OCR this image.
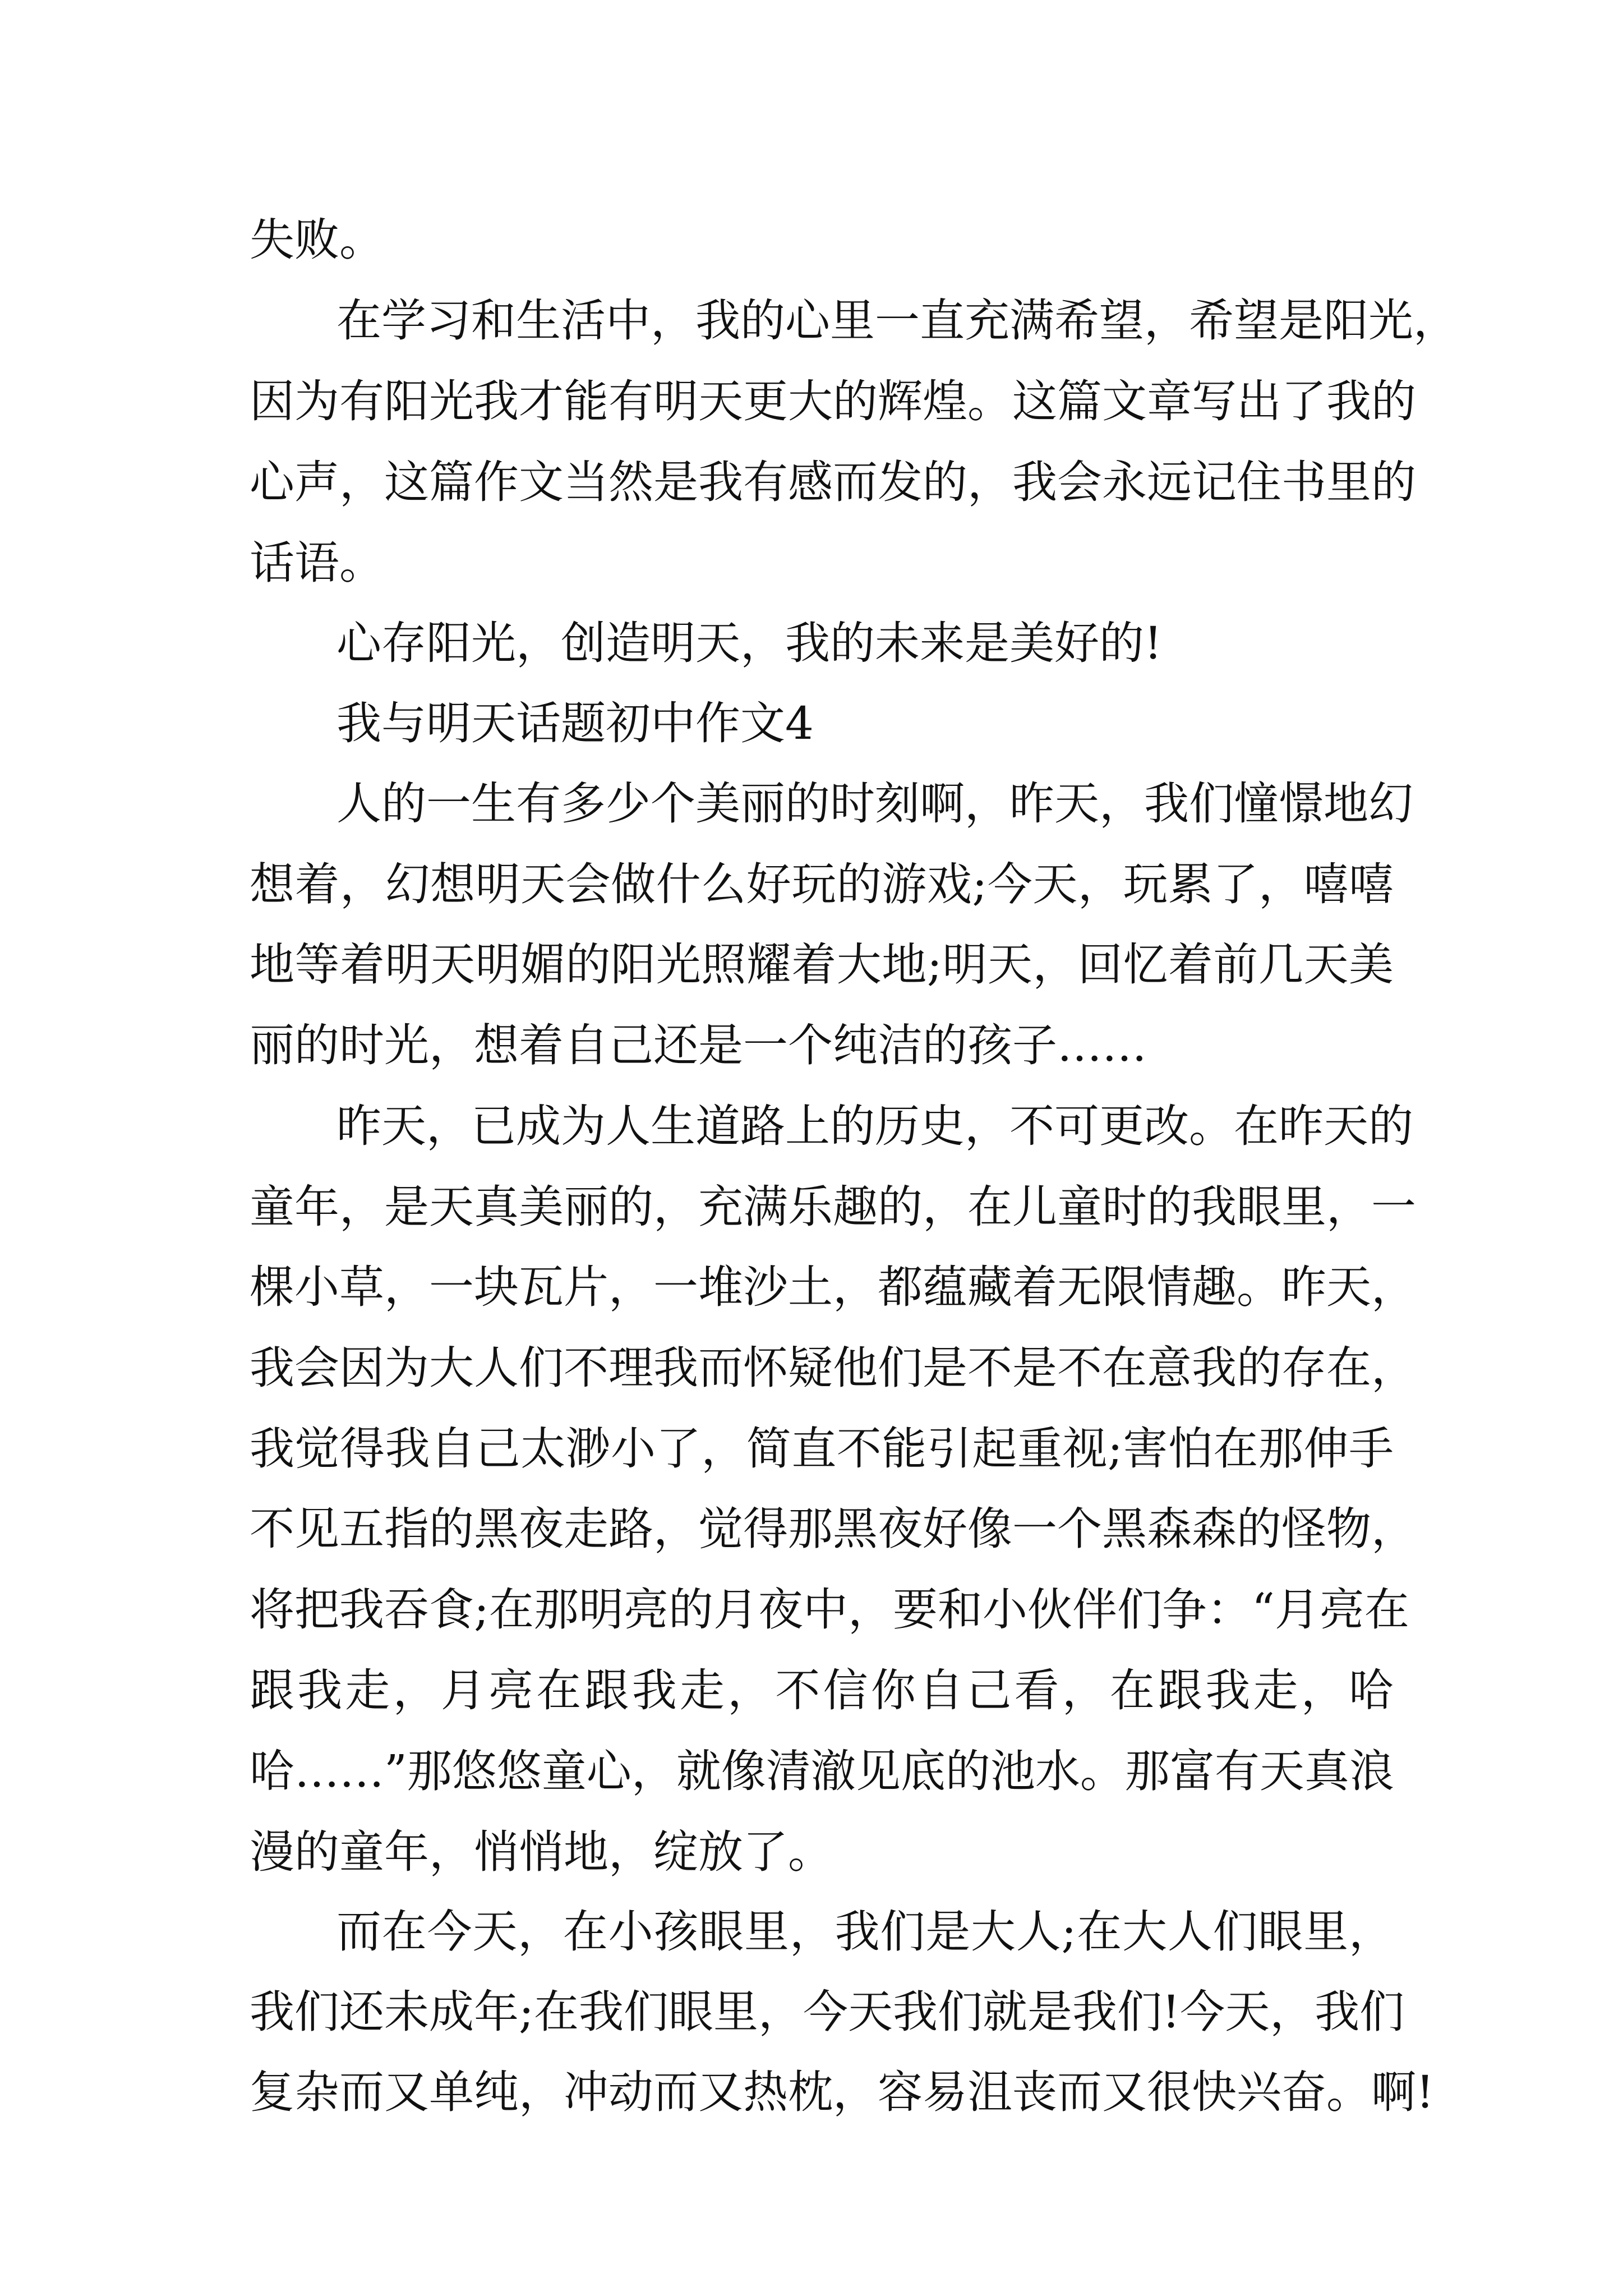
失败。

在学习和生活中，我的心里一直充满希望，希望是阳光，

因为有阳光我才能有明天更大的辉煌。这篇文章写出了我的

心声，这篇作文当然是我有感而发的，我会永远记住书里的

话语。

心存阳光，创造明天，我的未来是美好的!

我与明天话题初中作文4

人的一生有多少个美丽的时刻啊，昨天，我们憧憬地幻

想着，幻想明天会做什么好玩的游戏;今天，玩累了，嘻嘻

地等着明天明媚的阳光照耀着大地;明天，回忆着前几天美

丽的时光，想着自己还是一个纯洁的孩子……

昨天，已成为人生道路上的历史，不可更改。在昨天的

童年，是天真美丽的，充满乐趣的，在儿童时的我眼里，一

棵小草，一块瓦片，一堆沙土，都蕴藏着无限情趣。昨天，

我会因为大人们不理我而怀疑他们是不是不在意我的存在，

我觉得我自己太渺小了，简直不能引起重视;害怕在那伸手

不见五指的黑夜走路，觉得那黑夜好像一个黑森森的怪物，

将把我吞食;在那明亮的月夜中，要和小伙伴们争：“月亮在

跟我走，月亮在跟我走，不信你自己看，在跟我走，哈

哈……”那悠悠童心，就像清澈见底的池水。那富有天真浪

漫的童年，悄悄地，绽放了。

而在今天，在小孩眼里，我们是大人;在大人们眼里，

我们还未成年;在我们眼里，今天我们就是我们!今天，我们

复杂而又单纯，冲动而又热枕，容易沮丧而又很快兴奋。啊!
